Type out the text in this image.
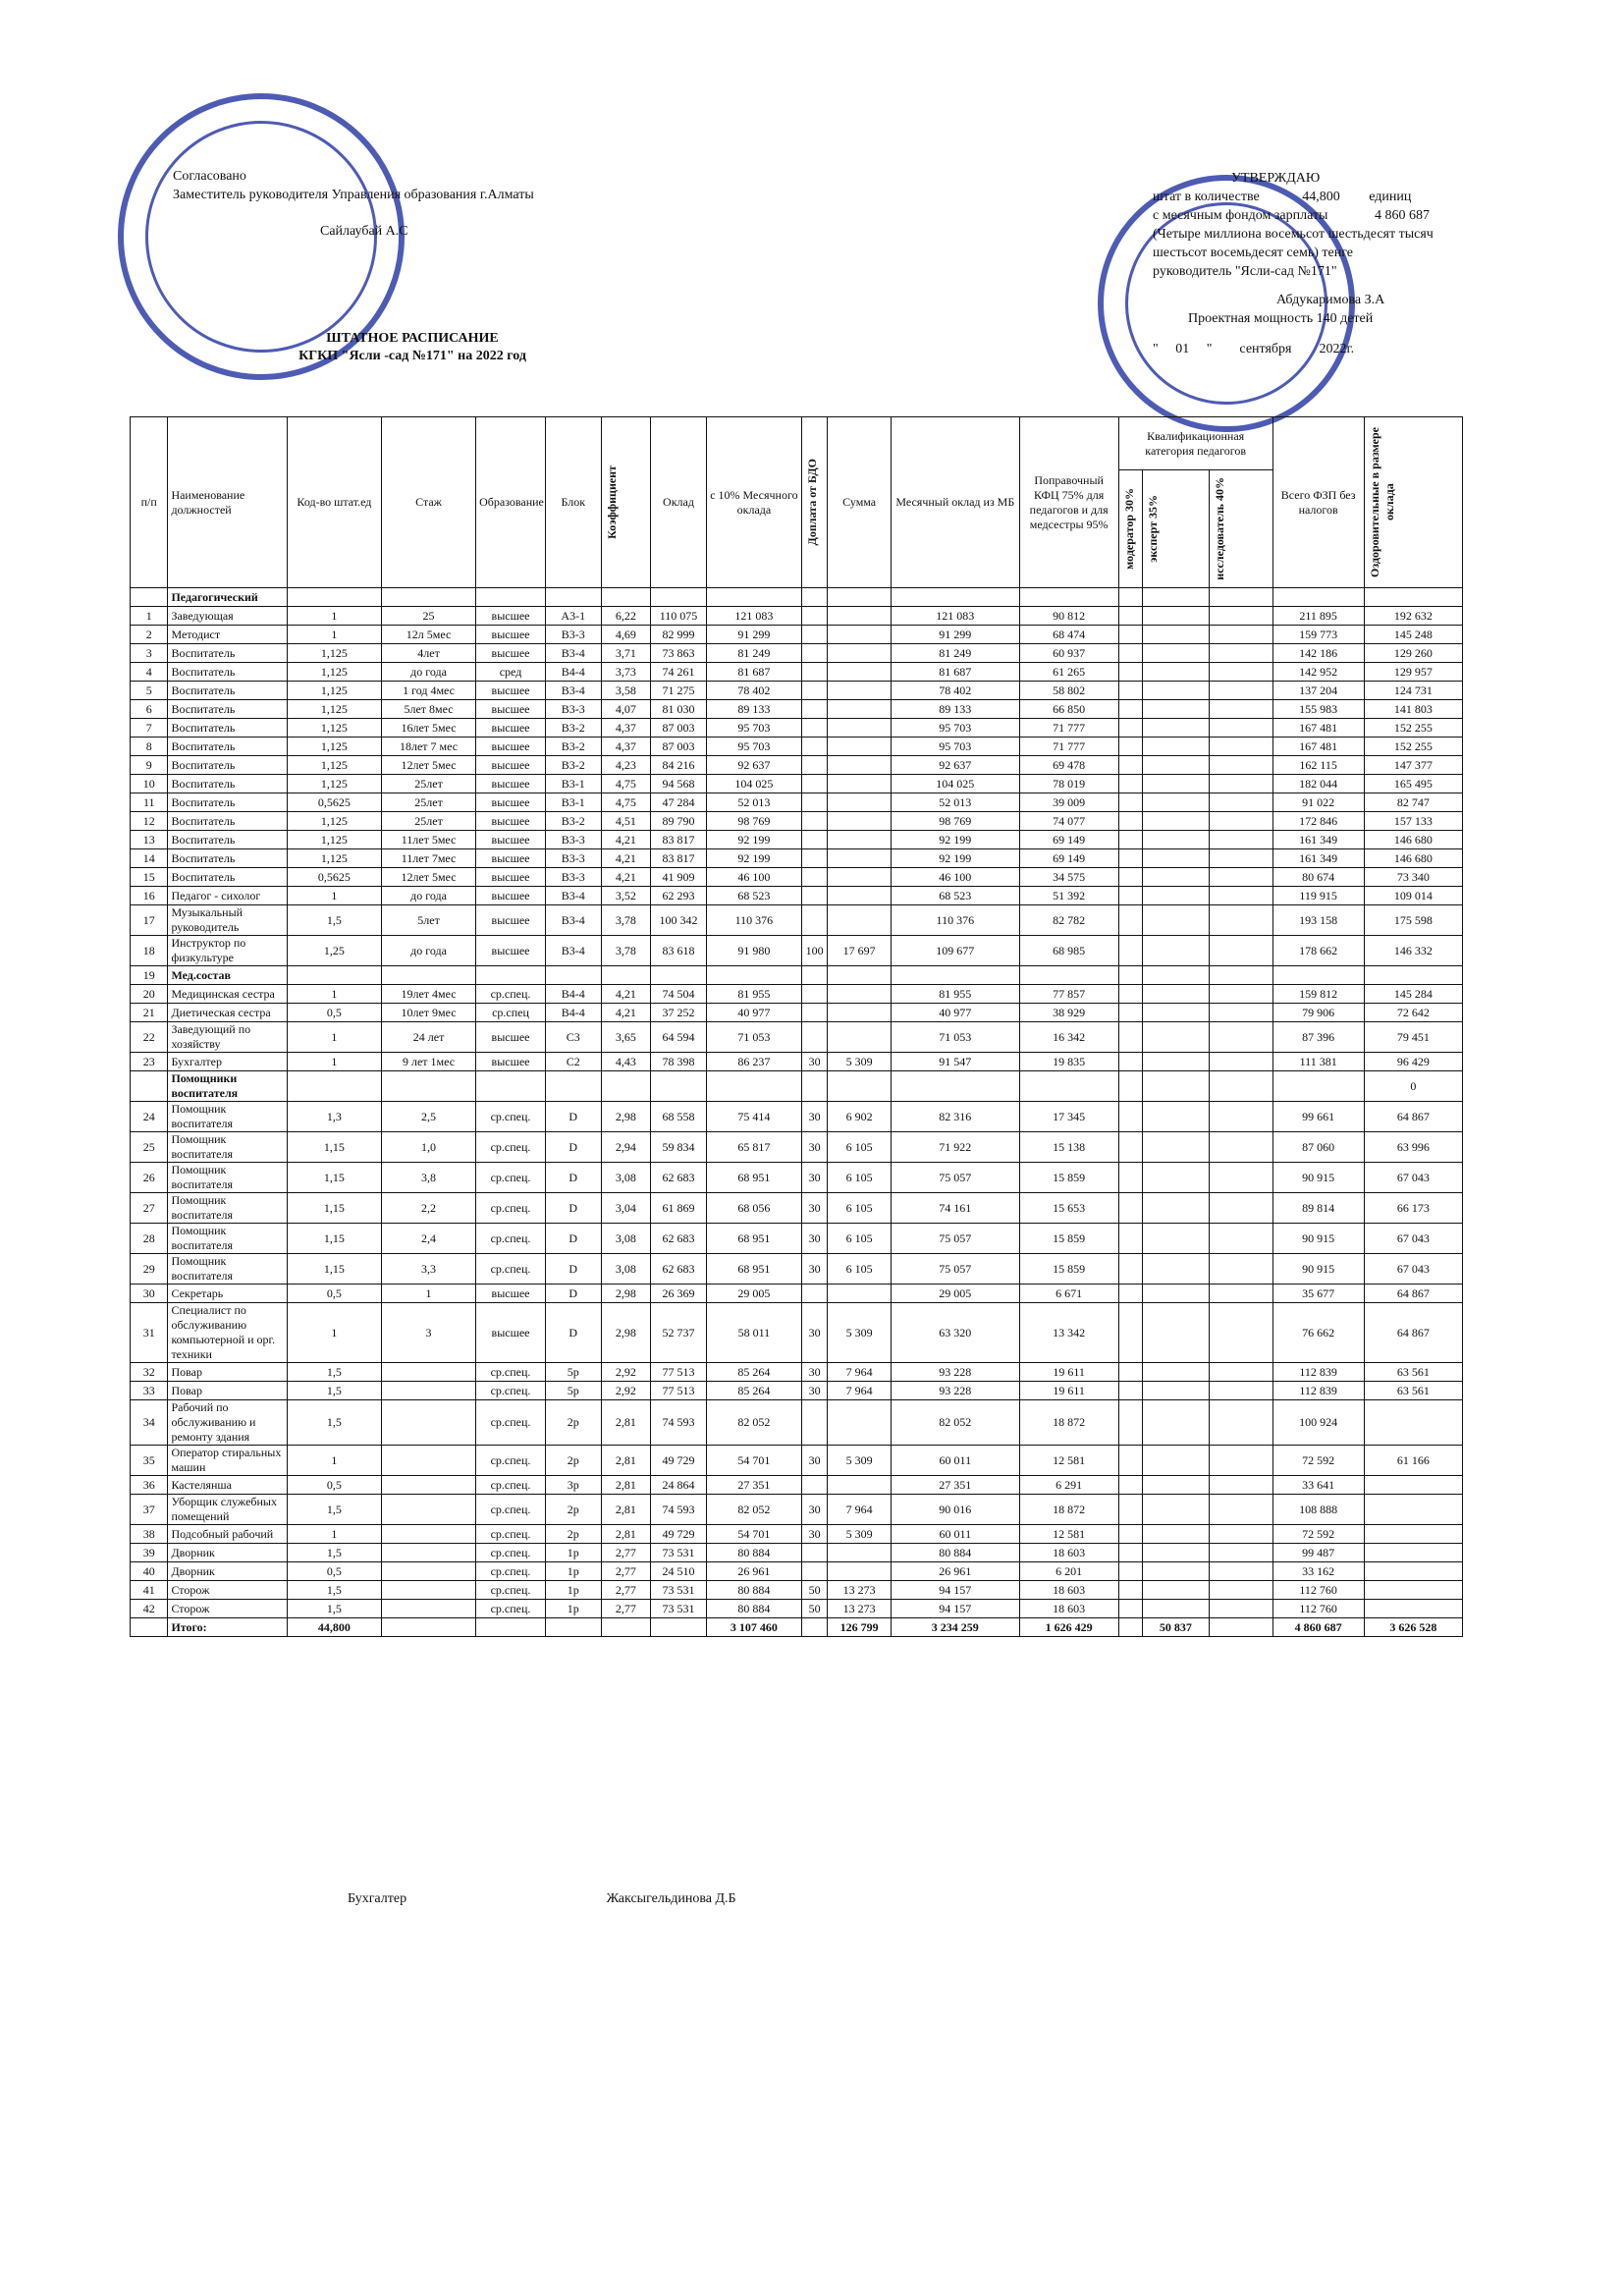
Согласовано
Заместитель руководителя Управления образования г.Алматы
Сайлаубай А.С
УТВЕРЖДАЮ
штат в количестве	44,800 единиц
с месячным фондом зарплаты	4 860 687
(Четыре миллиона восемьсот шестьдесят тысяч
шестьсот восемьдесят семь) тенге
руководитель "Ясли-сад №171"
Абдукаримова З.А
Проектная мощность 140 детей
"     01     "        сентября        2022г.
ШТАТНОЕ РАСПИСАНИЕ
КГКП "Ясли -сад №171" на 2022 год
п/п	Наименование должностей	Код-во штат.ед	Стаж	Образование	Блок	Коэффициент	Оклад	с 10% Месячного оклада	Доплата от БДО	Сумма	Месячный оклад из МБ	Поправочный КФЦ 75% для педагогов и для медсестры 95%	Квалификационная категория педагогов			Всего ФЗП без налогов	Оздоровительные в размере оклада

													модератор 30%	эксперт 35%	исследователь 40%		

	Педагогический																
1	Заведующая	1	25	высшее	А3-1	6,22	110 075	121 083			121 083	90 812				211 895	192 632
2	Методист	1	12л 5мес	высшее	В3-3	4,69	82 999	91 299			91 299	68 474				159 773	145 248
3	Воспитатель	1,125	4лет	высшее	В3-4	3,71	73 863	81 249			81 249	60 937				142 186	129 260
4	Воспитатель	1,125	до года	сред	В4-4	3,73	74 261	81 687			81 687	61 265				142 952	129 957
5	Воспитатель	1,125	1 год 4мес	высшее	В3-4	3,58	71 275	78 402			78 402	58 802				137 204	124 731
6	Воспитатель	1,125	5лет 8мес	высшее	В3-3	4,07	81 030	89 133			89 133	66 850				155 983	141 803
7	Воспитатель	1,125	16лет 5мес	высшее	В3-2	4,37	87 003	95 703			95 703	71 777				167 481	152 255
8	Воспитатель	1,125	18лет 7 мес	высшее	В3-2	4,37	87 003	95 703			95 703	71 777				167 481	152 255
9	Воспитатель	1,125	12лет 5мес	высшее	В3-2	4,23	84 216	92 637			92 637	69 478				162 115	147 377
10	Воспитатель	1,125	25лет	высшее	В3-1	4,75	94 568	104 025			104 025	78 019				182 044	165 495
11	Воспитатель	0,5625	25лет	высшее	В3-1	4,75	47 284	52 013			52 013	39 009				91 022	82 747
12	Воспитатель	1,125	25лет	высшее	В3-2	4,51	89 790	98 769			98 769	74 077				172 846	157 133
13	Воспитатель	1,125	11лет 5мес	высшее	В3-3	4,21	83 817	92 199			92 199	69 149				161 349	146 680
14	Воспитатель	1,125	11лет 7мес	высшее	В3-3	4,21	83 817	92 199			92 199	69 149				161 349	146 680
15	Воспитатель	0,5625	12лет 5мес	высшее	В3-3	4,21	41 909	46 100			46 100	34 575				80 674	73 340
16	Педагог - сихолог	1	до года	высшее	В3-4	3,52	62 293	68 523			68 523	51 392				119 915	109 014
17	Музыкальный руководитель	1,5	5лет	высшее	В3-4	3,78	100 342	110 376			110 376	82 782				193 158	175 598
18	Инструктор по физкультуре	1,25	до года	высшее	В3-4	3,78	83 618	91 980	100	17 697	109 677	68 985				178 662	146 332
19	Мед.состав																
20	Медицинская сестра	1	19лет 4мес	ср.спец.	В4-4	4,21	74 504	81 955			81 955	77 857				159 812	145 284
21	Диетическая сестра	0,5	10лет 9мес	ср.спец	В4-4	4,21	37 252	40 977			40 977	38 929				79 906	72 642
22	Заведующий по хозяйству	1	24 лет	высшее	С3	3,65	64 594	71 053			71 053	16 342				87 396	79 451
23	Бухгалтер	1	9 лет 1мес	высшее	С2	4,43	78 398	86 237	30	5 309	91 547	19 835				111 381	96 429
	Помощники воспитателя																0
24	Помощник воспитателя	1,3	2,5	ср.спец.	D	2,98	68 558	75 414	30	6 902	82 316	17 345				99 661	64 867
25	Помощник воспитателя	1,15	1,0	ср.спец.	D	2,94	59 834	65 817	30	6 105	71 922	15 138				87 060	63 996
26	Помощник воспитателя	1,15	3,8	ср.спец.	D	3,08	62 683	68 951	30	6 105	75 057	15 859				90 915	67 043
27	Помощник воспитателя	1,15	2,2	ср.спец.	D	3,04	61 869	68 056	30	6 105	74 161	15 653				89 814	66 173
28	Помощник воспитателя	1,15	2,4	ср.спец.	D	3,08	62 683	68 951	30	6 105	75 057	15 859				90 915	67 043
29	Помощник воспитателя	1,15	3,3	ср.спец.	D	3,08	62 683	68 951	30	6 105	75 057	15 859				90 915	67 043
30	Секретарь	0,5	1	высшее	D	2,98	26 369	29 005			29 005	6 671				35 677	64 867
31	Специалист по обслуживанию компьютерной и орг. техники	1	3	высшее	D	2,98	52 737	58 011	30	5 309	63 320	13 342				76 662	64 867
32	Повар	1,5		ср.спец.	5р	2,92	77 513	85 264	30	7 964	93 228	19 611				112 839	63 561
33	Повар	1,5		ср.спец.	5р	2,92	77 513	85 264	30	7 964	93 228	19 611				112 839	63 561
34	Рабочий по обслуживанию и ремонту здания	1,5		ср.спец.	2р	2,81	74 593	82 052			82 052	18 872				100 924	
35	Оператор стиральных машин	1		ср.спец.	2р	2,81	49 729	54 701	30	5 309	60 011	12 581				72 592	61 166
36	Кастелянша	0,5		ср.спец.	3р	2,81	24 864	27 351			27 351	6 291				33 641	
37	Уборщик служебных помещений	1,5		ср.спец.	2р	2,81	74 593	82 052	30	7 964	90 016	18 872				108 888	
38	Подсобный рабочий	1		ср.спец.	2р	2,81	49 729	54 701	30	5 309	60 011	12 581				72 592	
39	Дворник	1,5		ср.спец.	1р	2,77	73 531	80 884			80 884	18 603				99 487	
40	Дворник	0,5		ср.спец.	1р	2,77	24 510	26 961			26 961	6 201				33 162	
41	Сторож	1,5		ср.спец.	1р	2,77	73 531	80 884	50	13 273	94 157	18 603				112 760	
42	Сторож	1,5		ср.спец.	1р	2,77	73 531	80 884	50	13 273	94 157	18 603				112 760	
	Итого:	44,800						3 107 460		126 799	3 234 259	1 626 429		50 837		4 860 687	3 626 528
Бухгалтер	Жаксыгельдинова Д.Б
